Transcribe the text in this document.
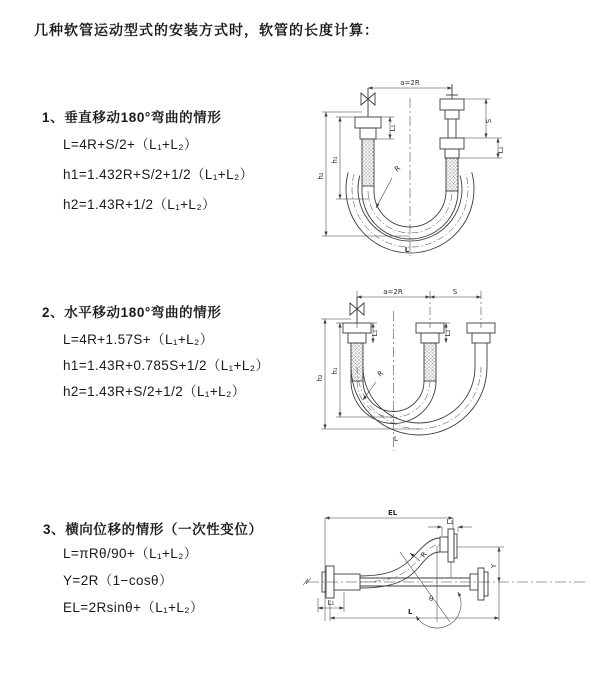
几种软管运动型式的安装方式时，软管的长度计算：
1、垂直移动180°弯曲的情形
L=4R+S/2+（L₁+L₂）
h1=1.432R+S/2+1/2（L₁+L₂）
h2=1.43R+1/2（L₁+L₂）
2、水平移动180°弯曲的情形
L=4R+1.57S+（L₁+L₂）
h1=1.43R+0.785S+1/2（L₁+L₂）
h2=1.43R+S/2+1/2（L₁+L₂）
3、横向位移的情形（一次性变位）
L=πRθ/90+（L₁+L₂）
Y=2R（1−cosθ）
EL=2Rsinθ+（L₁+L₂）
a=2R
S
L₂
L₁
h₁
h₂
R
L
a=2R	S
L₁	L₂
h₁
h₂	R
L
EL
L₂
Y
R
θ
L₁
L
